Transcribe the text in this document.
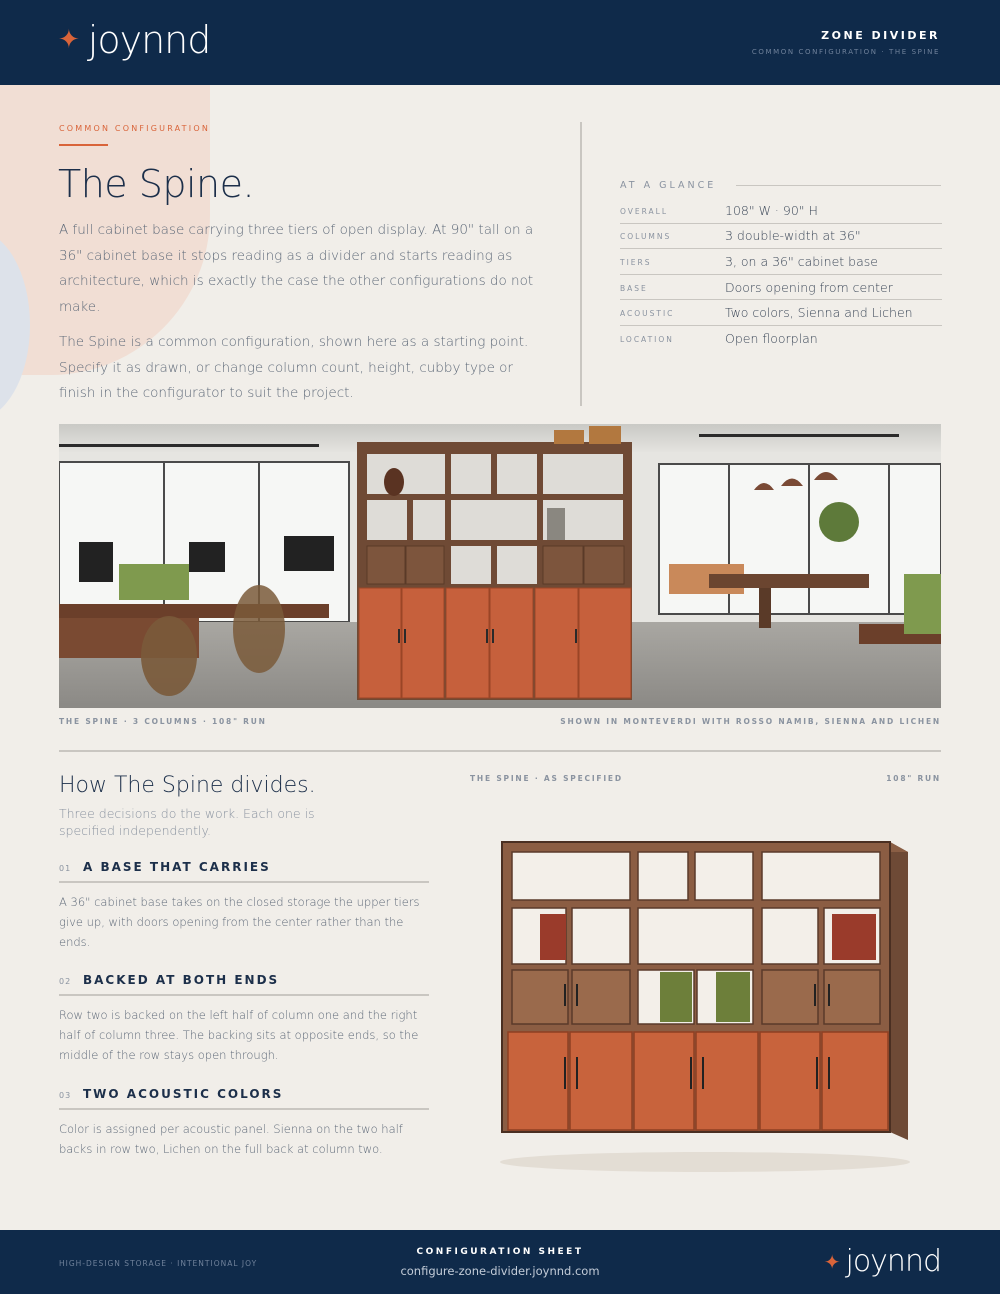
✦ joynnd	ZONE DIVIDER
COMMON CONFIGURATION · THE SPINE
COMMON CONFIGURATION
The Spine.

A full cabinet base carrying three tiers of open display. At 90" tall on a 36" cabinet base it stops reading as a divider and starts reading as architecture, which is exactly the case the other configurations do not make.

The Spine is a common configuration, shown here as a starting point. Specify it as drawn, or change column count, height, cubby type or finish in the configurator to suit the project.

AT A GLANCE
OVERALL	108" W · 90" H
COLUMNS	3 double-width at 36"
TIERS	3, on a 36" cabinet base
BASE	Doors opening from center
ACOUSTIC	Two colors, Sienna and Lichen
LOCATION	Open floorplan
THE SPINE · 3 COLUMNS · 108" RUN	SHOWN IN MONTEVERDI WITH ROSSO NAMIB, SIENNA AND LICHEN
How The Spine divides.
Three decisions do the work. Each one is specified independently.
01 A BASE THAT CARRIES
A 36" cabinet base takes on the closed storage the upper tiers give up, with doors opening from the center rather than the ends.
02 BACKED AT BOTH ENDS
Row two is backed on the left half of column one and the right half of column three. The backing sits at opposite ends, so the middle of the row stays open through.
03 TWO ACOUSTIC COLORS
Color is assigned per acoustic panel. Sienna on the two half backs in row two, Lichen on the full back at column two.
THE SPINE · AS SPECIFIED	108" RUN
HIGH-DESIGN STORAGE · INTENTIONAL JOY
CONFIGURATION SHEET
configure-zone-divider.joynnd.com	✦ joynnd
